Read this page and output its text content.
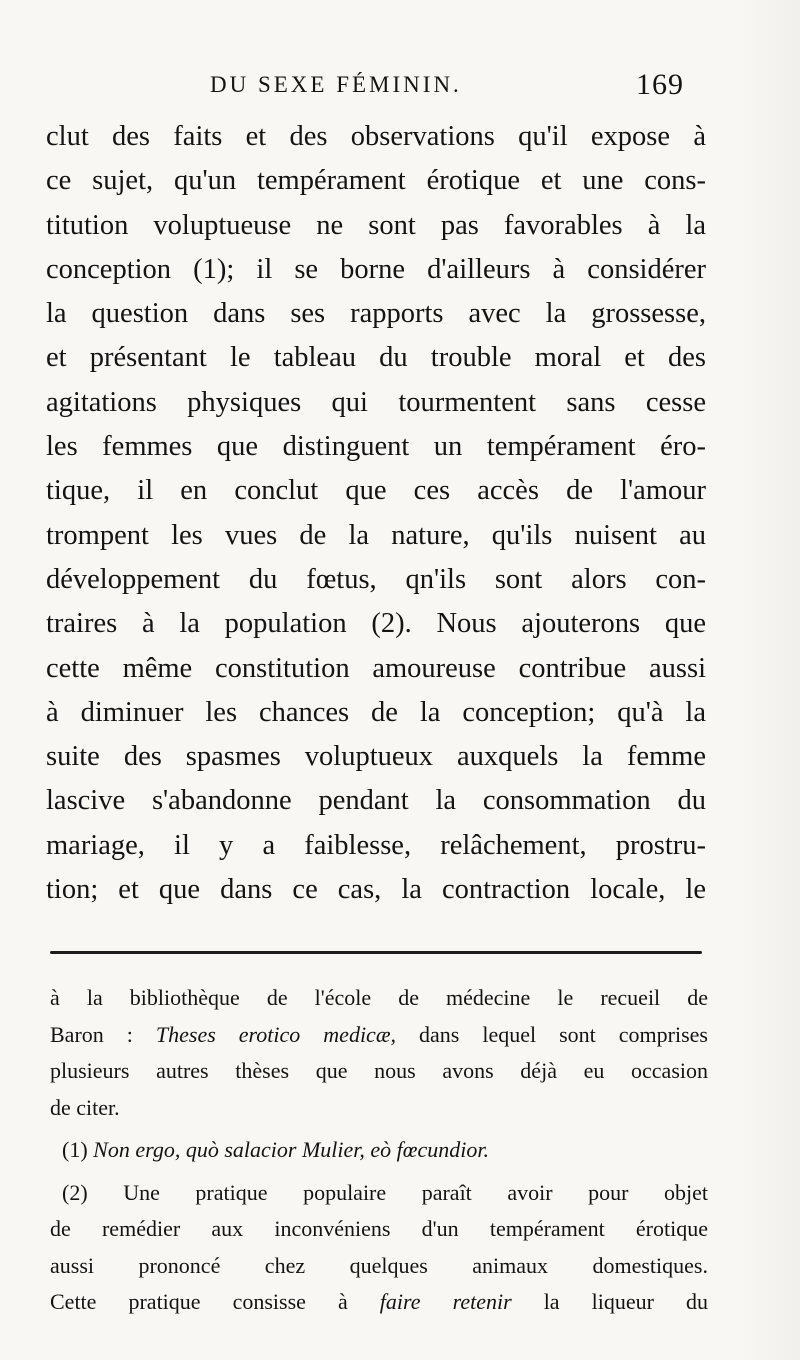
DU SEXE FÉMININ.	169
clut des faits et des observations qu'il expose à
ce sujet, qu'un tempérament érotique et une cons-
titution voluptueuse ne sont pas favorables à la
conception (1); il se borne d'ailleurs à considérer
la question dans ses rapports avec la grossesse,
et présentant le tableau du trouble moral et des
agitations physiques qui tourmentent sans cesse
les femmes que distinguent un tempérament éro-
tique, il en conclut que ces accès de l'amour
trompent les vues de la nature, qu'ils nuisent au
développement du fœtus, qn'ils sont alors con-
traires à la population (2). Nous ajouterons que
cette même constitution amoureuse contribue aussi
à diminuer les chances de la conception; qu'à la
suite des spasmes voluptueux auxquels la femme
lascive s'abandonne pendant la consommation du
mariage, il y a faiblesse, relâchement, prostru-
tion; et que dans ce cas, la contraction locale, le
à la bibliothèque de l'école de médecine le recueil de
Baron : Theses erotico medicæ, dans lequel sont comprises
plusieurs autres thèses que nous avons déjà eu occasion
de citer.
(1) Non ergo, quò salacior Mulier, eò fœcundior.
(2) Une pratique populaire paraît avoir pour objet
de remédier aux inconvéniens d'un tempérament érotique
aussi prononcé chez quelques animaux domestiques.
Cette pratique consisse à faire retenir la liqueur du
